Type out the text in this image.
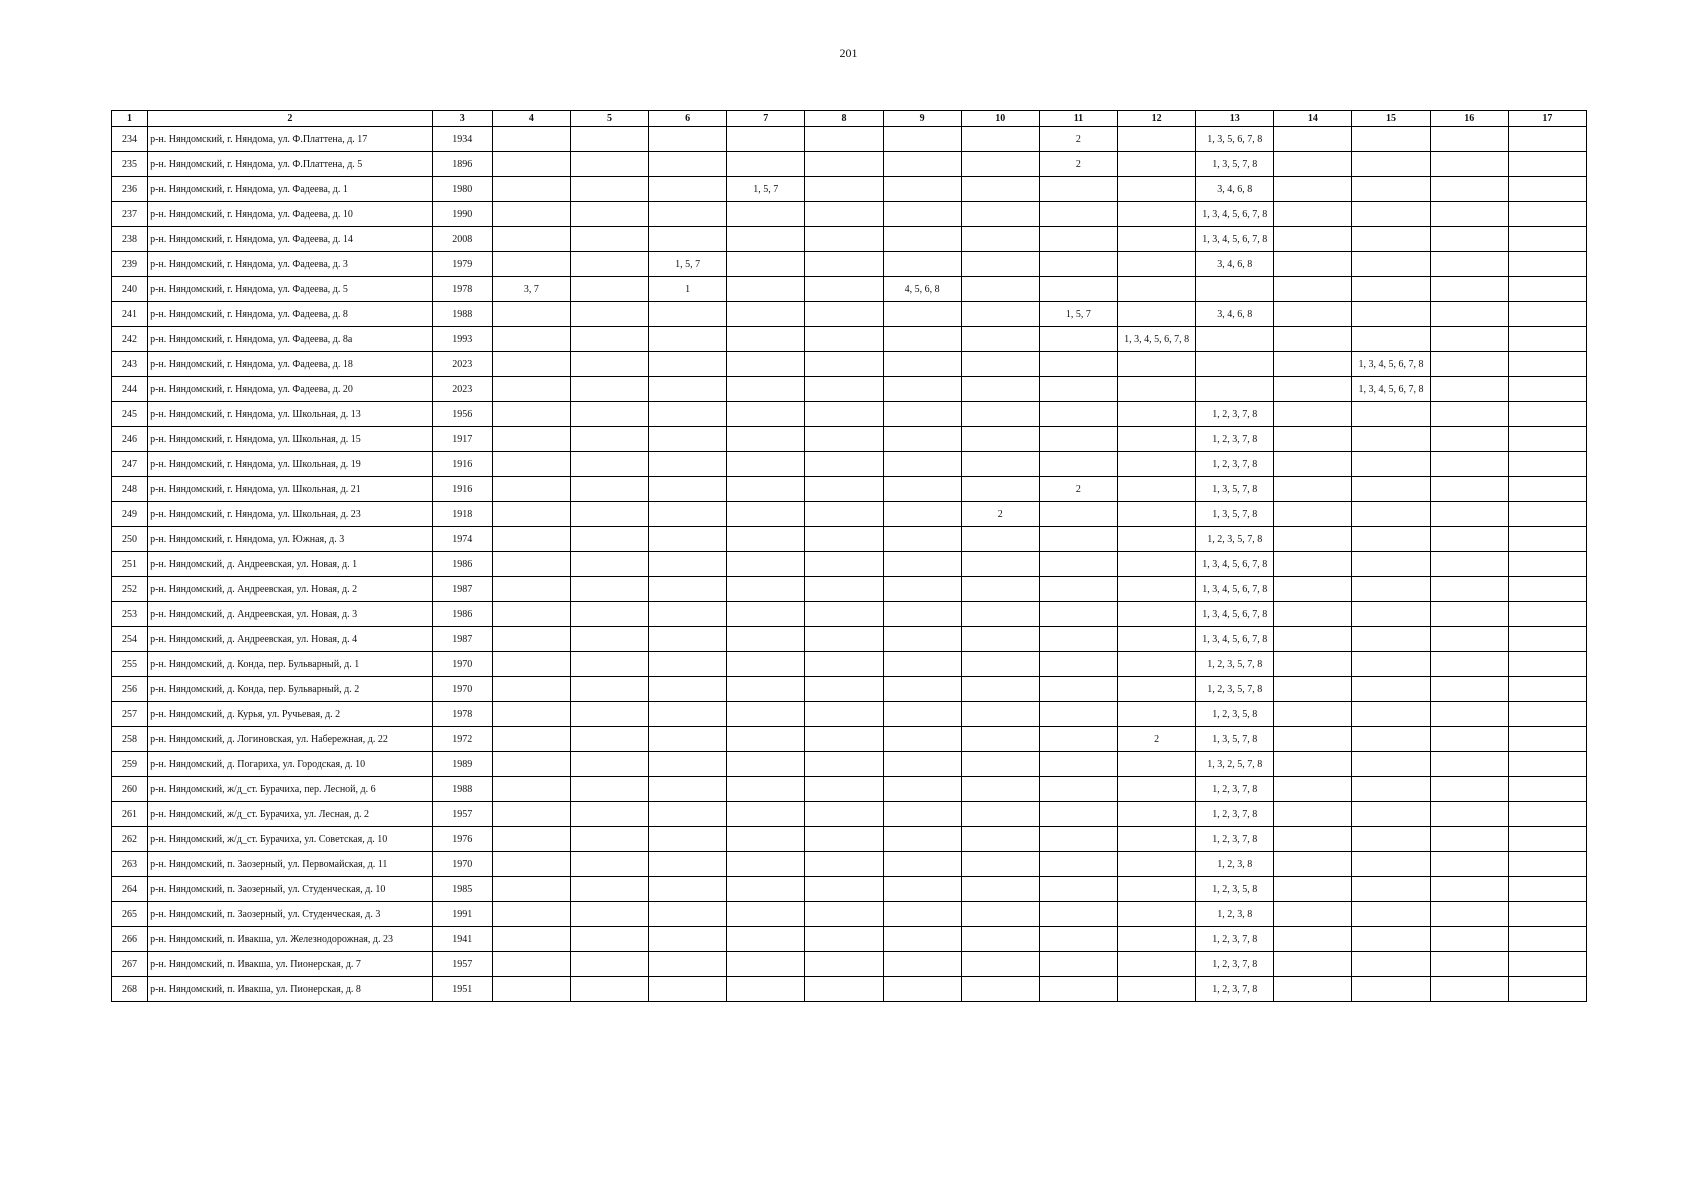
201
1	2	3	4	5	6	7	8	9	10	11	12	13	14	15	16	17
234	р-н. Няндомский, г. Няндома, ул. Ф.Платтена, д. 17	1934								2		1, 3, 5, 6, 7, 8				
235	р-н. Няндомский, г. Няндома, ул. Ф.Платтена, д. 5	1896								2		1, 3, 5, 7, 8				
236	р-н. Няндомский, г. Няндома, ул. Фадеева, д. 1	1980				1, 5, 7						3, 4, 6, 8				
237	р-н. Няндомский, г. Няндома, ул. Фадеева, д. 10	1990										1, 3, 4, 5, 6, 7, 8				
238	р-н. Няндомский, г. Няндома, ул. Фадеева, д. 14	2008										1, 3, 4, 5, 6, 7, 8				
239	р-н. Няндомский, г. Няндома, ул. Фадеева, д. 3	1979			1, 5, 7							3, 4, 6, 8				
240	р-н. Няндомский, г. Няндома, ул. Фадеева, д. 5	1978	3, 7		1			4, 5, 6, 8								
241	р-н. Няндомский, г. Няндома, ул. Фадеева, д. 8	1988								1, 5, 7		3, 4, 6, 8				
242	р-н. Няндомский, г. Няндома, ул. Фадеева, д. 8а	1993									1, 3, 4, 5, 6, 7, 8					
243	р-н. Няндомский, г. Няндома, ул. Фадеева, д. 18	2023												1, 3, 4, 5, 6, 7, 8		
244	р-н. Няндомский, г. Няндома, ул. Фадеева, д. 20	2023												1, 3, 4, 5, 6, 7, 8		
245	р-н. Няндомский, г. Няндома, ул. Школьная, д. 13	1956										1, 2, 3, 7, 8				
246	р-н. Няндомский, г. Няндома, ул. Школьная, д. 15	1917										1, 2, 3, 7, 8				
247	р-н. Няндомский, г. Няндома, ул. Школьная, д. 19	1916										1, 2, 3, 7, 8				
248	р-н. Няндомский, г. Няндома, ул. Школьная, д. 21	1916								2		1, 3, 5, 7, 8				
249	р-н. Няндомский, г. Няндома, ул. Школьная, д. 23	1918							2			1, 3, 5, 7, 8				
250	р-н. Няндомский, г. Няндома, ул. Южная, д. 3	1974										1, 2, 3, 5, 7, 8				
251	р-н. Няндомский, д. Андреевская, ул. Новая, д. 1	1986										1, 3, 4, 5, 6, 7, 8				
252	р-н. Няндомский, д. Андреевская, ул. Новая, д. 2	1987										1, 3, 4, 5, 6, 7, 8				
253	р-н. Няндомский, д. Андреевская, ул. Новая, д. 3	1986										1, 3, 4, 5, 6, 7, 8				
254	р-н. Няндомский, д. Андреевская, ул. Новая, д. 4	1987										1, 3, 4, 5, 6, 7, 8				
255	р-н. Няндомский, д. Конда, пер. Бульварный, д. 1	1970										1, 2, 3, 5, 7, 8				
256	р-н. Няндомский, д. Конда, пер. Бульварный, д. 2	1970										1, 2, 3, 5, 7, 8				
257	р-н. Няндомский, д. Курья, ул. Ручьевая, д. 2	1978										1, 2, 3, 5, 8				
258	р-н. Няндомский, д. Логиновская, ул. Набережная, д. 22	1972									2	1, 3, 5, 7, 8				
259	р-н. Няндомский, д. Погариха, ул. Городская, д. 10	1989										1, 3, 2, 5, 7, 8				
260	р-н. Няндомский, ж/д_ст. Бурачиха, пер. Лесной, д. 6	1988										1, 2, 3, 7, 8				
261	р-н. Няндомский, ж/д_ст. Бурачиха, ул. Лесная, д. 2	1957										1, 2, 3, 7, 8				
262	р-н. Няндомский, ж/д_ст. Бурачиха, ул. Советская, д. 10	1976										1, 2, 3, 7, 8				
263	р-н. Няндомский, п. Заозерный, ул. Первомайская, д. 11	1970										1, 2, 3, 8				
264	р-н. Няндомский, п. Заозерный, ул. Студенческая, д. 10	1985										1, 2, 3, 5, 8				
265	р-н. Няндомский, п. Заозерный, ул. Студенческая, д. 3	1991										1, 2, 3, 8				
266	р-н. Няндомский, п. Ивакша, ул. Железнодорожная, д. 23	1941										1, 2, 3, 7, 8				
267	р-н. Няндомский, п. Ивакша, ул. Пионерская, д. 7	1957										1, 2, 3, 7, 8				
268	р-н. Няндомский, п. Ивакша, ул. Пионерская, д. 8	1951										1, 2, 3, 7, 8				
